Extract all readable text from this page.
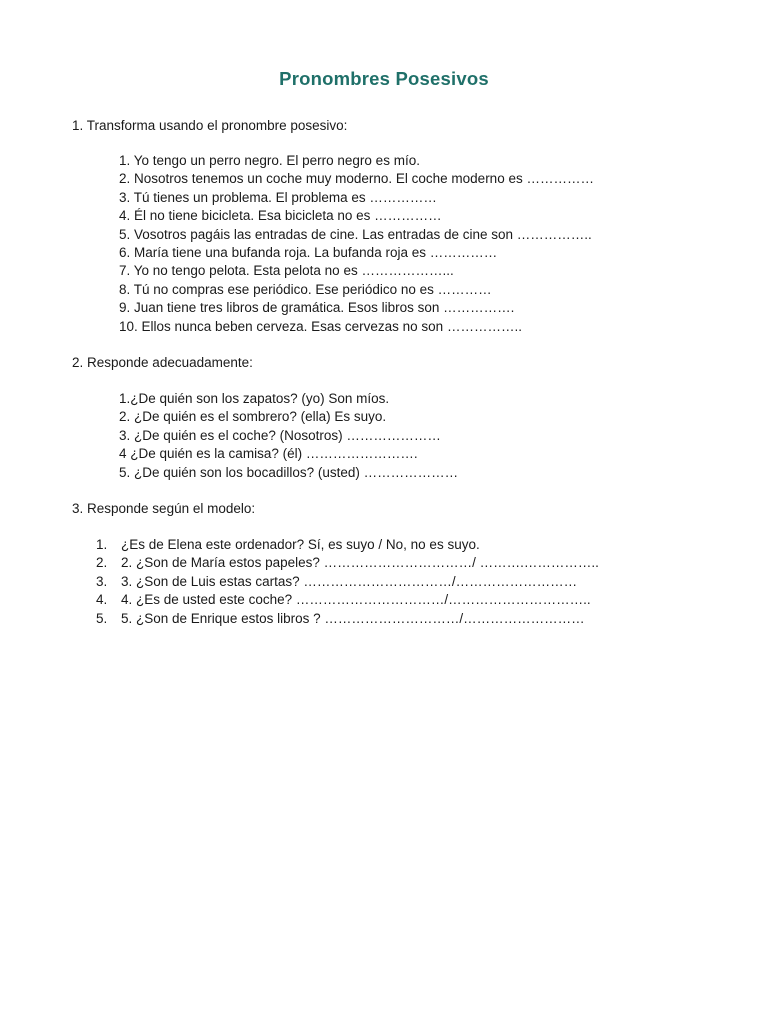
Pronombres Posesivos
1. Transforma usando el pronombre posesivo:
1. Yo tengo un perro negro. El perro negro es mío.
2. Nosotros tenemos un coche muy moderno. El coche moderno es ……………
3. Tú tienes un problema. El problema es ……………
4. Él no tiene bicicleta. Esa bicicleta no es ……………
5. Vosotros pagáis las entradas de cine. Las entradas de cine son ……………..
6. María tiene una bufanda roja. La bufanda roja es ……………
7. Yo no tengo pelota. Esta pelota no es ………………...
8. Tú no compras ese periódico. Ese periódico no es …………
9. Juan tiene tres libros de gramática. Esos libros son …………….
10. Ellos nunca beben cerveza. Esas cervezas no son ……………..
2. Responde adecuadamente:
1.¿De quién son los zapatos? (yo) Son míos.
2. ¿De quién es el sombrero? (ella) Es suyo.
3. ¿De quién es el coche? (Nosotros) …………………
4 ¿De quién es la camisa? (él) …………………….
5. ¿De quién son los bocadillos? (usted) …………………
3. Responde según el modelo:
1. ¿Es de Elena este ordenador? Sí, es suyo / No, no es suyo.
2. 2. ¿Son de María estos papeles? ……………………………/ ……….……………..
3. 3. ¿Son de Luis estas cartas? ……………………………/………………………
4. 4. ¿Es de usted este coche? ……………………………/…………………………..
5. 5. ¿Son de Enrique estos libros ? …………………………/………………………
